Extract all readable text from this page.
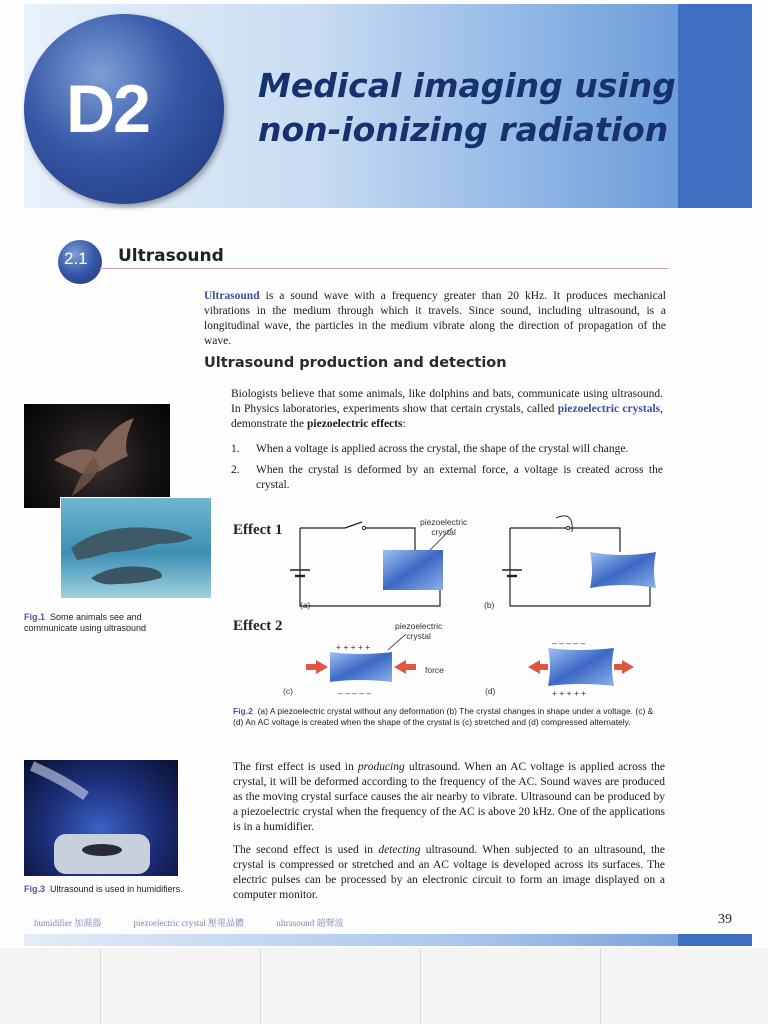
D2	Medical imaging using
non-ionizing radiation
2.1 Ultrasound
Ultrasound is a sound wave with a frequency greater than 20 kHz. It produces mechanical vibrations in the medium through which it travels. Since sound, including ultrasound, is a longitudinal wave, the particles in the medium vibrate along the direction of propagation of the wave.
Ultrasound production and detection
Biologists believe that some animals, like dolphins and bats, communicate using ultrasound. In Physics laboratories, experiments show that certain crystals, called piezoelectric crystals, demonstrate the piezoelectric effects:
1. When a voltage is applied across the crystal, the shape of the crystal will change.
2. When the crystal is deformed by an external force, a voltage is created across the crystal.
Fig.1 Some animals see and communicate using ultrasound
Effect 1
Effect 2
piezoelectric
crystal
piezoelectric
crystal
force
(a)	(b)
(c)	(d)
+ + + + +
– – – – –
– – – – –
+ + + + +
Fig.2 (a) A piezoelectric crystal without any deformation (b) The crystal changes in shape under a voltage. (c) & (d) An AC voltage is created when the shape of the crystal is (c) stretched and (d) compressed alternately.
The first effect is used in producing ultrasound. When an AC voltage is applied across the crystal, it will be deformed according to the frequency of the AC. Sound waves are produced as the moving crystal surface causes the air nearby to vibrate. Ultrasound can be produced by a piezoelectric crystal when the frequency of the AC is above 20 kHz. One of the applications is in a humidifier.
The second effect is used in detecting ultrasound. When subjected to an ultrasound, the crystal is compressed or stretched and an AC voltage is developed across its surfaces. The electric pulses can be processed by an electronic circuit to form an image displayed on a computer monitor.
Fig.3 Ultrasound is used in humidifiers.
humidifier 加濕器	piezoelectric crystal 壓電晶體	ultrasound 超聲波	39
